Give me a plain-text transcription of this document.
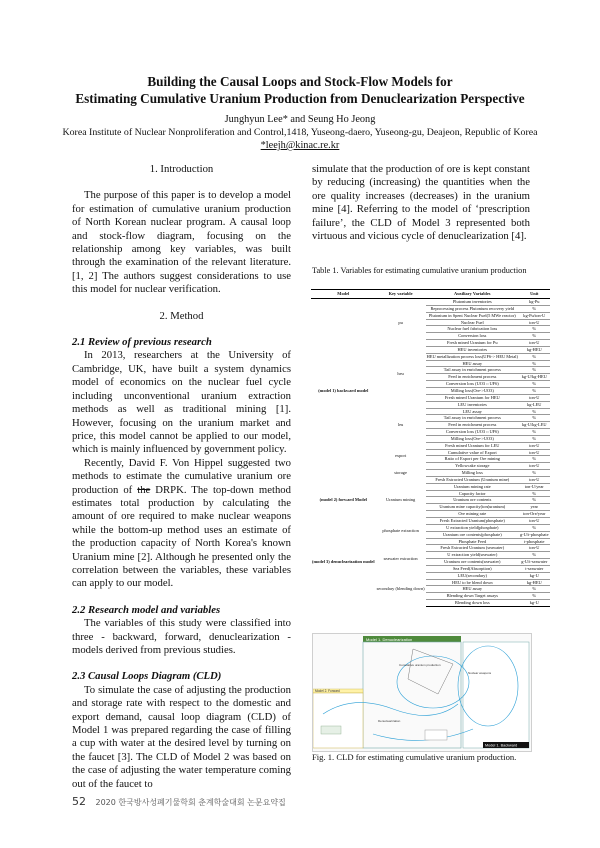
Building the Causal Loops and Stock-Flow Models for
Estimating Cumulative Uranium Production from Denuclearization Perspective
Junghyun Lee* and Seung Ho Jeong
Korea Institute of Nuclear Nonproliferation and Control,1418, Yuseong-daero, Yuseong-gu, Deajeon, Republic of Korea
*leejh@kinac.re.kr

1. Introduction

The purpose of this paper is to develop a model for estimation of cumulative uranium production of North Korean nuclear program. A causal loop and stock-flow diagram, focusing on the relationship among key variables, was built through the examination of the relevant literature. [1, 2] The authors suggest considerations to use this model for nuclear verification.

2. Method

2.1 Review of previous research

In 2013, researchers at the University of Cambridge, UK, have built a system dynamics model of economics on the nuclear fuel cycle including unconventional uranium extraction methods as well as traditional mining [1]. However, focusing on the uranium market and price, this model cannot be applied to our model, which is mainly influenced by government policy.

Recently, David F. Von Hippel suggested two methods to estimate the cumulative uranium ore production of the DRPK. The top-down method estimates total production by calculating the amount of ore required to make nuclear weapons while the bottom-up method uses an estimate of the production capacity of North Korea's known Uranium mine [2]. Although he presented only the correlation between the variables, these variables can apply to our model.

2.2 Research model and variables

The variables of this study were classified into three - backward, forward, denuclearization - models derived from previous studies.

2.3 Causal Loops Diagram (CLD)

To simulate the case of adjusting the production and storage rate with respect to the domestic and export demand, causal loop diagram (CLD) of Model 1 was prepared regarding the case of filling a cup with water at the desired level by turning on the faucet [3]. The CLD of Model 2 was based on the case of adjusting the water temperature coming out of the faucet to

simulate that the production of ore is kept constant by reducing (increasing) the quantities when the ore quality increases (decreases) in the uranium mine [4]. Referring to the model of ‘prescription failure’, the CLD of Model 3 represented both virtuous and vicious cycle of denuclearization [4].

Table 1. Variables for estimating cumulative uranium production
Model	Key variable	Auxiliary Variables	Unit
(model 1) backward model	pu	Plutonium inventories	kg-Pu
		Reprocessing process Plutonium recovery yield	%
		Plutonium in Spent Nuclear Fuel(5 MWe reactor)	kg-Pu/ton-U
		Nuclear Fuel	ton-U
		Nuclear fuel fabrication loss	%
		Conversion loss	%
		Fresh mined Uranium for Pu	ton-U
	heu	HEU inventories	kg-HEU
		HEU metallization process loss(UF6-> HEU Metal)	%
		HEU assay	%
		Tail assay in enrichment process	%
		Feed in enrichment process	kg-U/kg-HEU
		Conversion loss (UO3⇔UF6)	%
		Milling loss(Ore->UO3)	%
		Fresh mined Uranium for HEU	ton-U
	leu	LEU inventories	kg-LEU
		LEU assay	%
		Tail assay in enrichment process	%
		Feed in enrichment process	kg-U/kg-LEU
		Conversion loss (UO3⇔UF6)	%
		Milling loss(Ore->UO3)	%
		Fresh mined Uranium for LEU	ton-U
	export	Cumulative value of Export	ton-U
		Ratio of Export per Ore mining	%
	storage	Yellowcake storage	ton-U
		Milling loss	%
		Fresh Extracted Uranium (Uranium mine)	ton-U
(model 2) forward Model	Uranium mining	Uranium mining rate	ton-U/year
		Capacity factor	%
		Uranium ore contents	%
		Uranium mine capacity(ton(uranium)	year
		Ore mining rate	ton-Ore/year
(model 3) denuclearization model	phosphate extraction	Fresh Extracted Uranium(phosphate)	ton-U
		U extraction yield(phosphate)	%
		Uranium ore contents(phosphate)	g-U/t-phosphate
		Phosphate Feed	t-phosphate
	seawater extraction	Fresh Extracted Uranium (seawater)	ton-U
		U extraction yield(seawater)	%
		Uranium ore contents(seawater)	g-U/t-seawater
		Sea Feed(Absorption)	t-seawater
	secondary (blending down)	LEU(secondary)	kg-U
		HEU to be blend down	kg-HEU
		HEU assay	%
		Blending down Target assays	%
		Blending down loss	kg-U
Model 1. Denuclearization
Model 2. Forward
Model 1. Backward
Cumulative uranium production
Nuclear weapons
Denuclearization
Fig. 1. CLD for estimating cumulative uranium production.
52 2020 한국방사성폐기물학회 춘계학술대회 논문요약집
